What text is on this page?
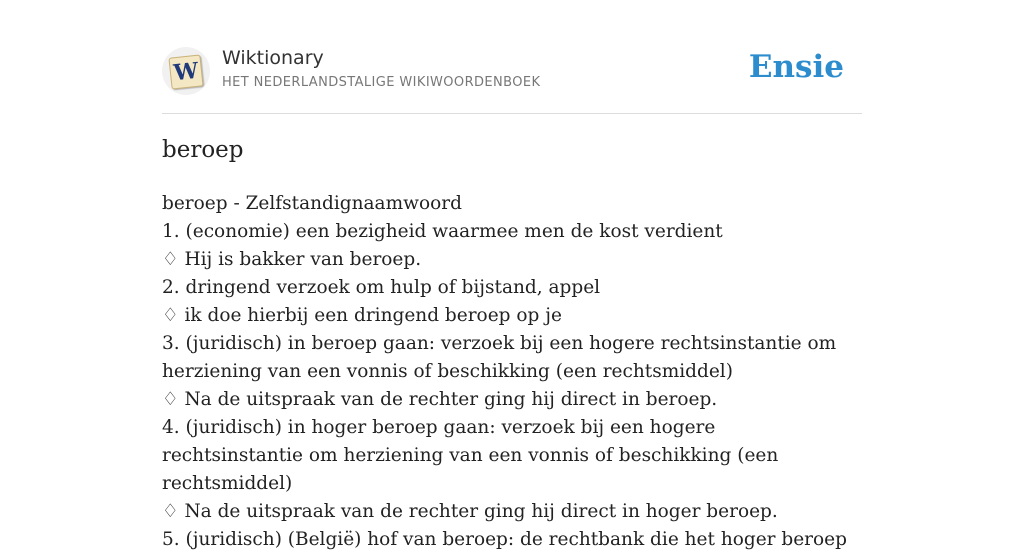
W Wiktionary
HET NEDERLANDSTALIGE WIKIWOORDENBOEK	Ensie
beroep
beroep - Zelfstandignaamwoord
1. (economie) een bezigheid waarmee men de kost verdient
♢ Hij is bakker van beroep.
2. dringend verzoek om hulp of bijstand, appel
♢ ik doe hierbij een dringend beroep op je
3. (juridisch) in beroep gaan: verzoek bij een hogere rechtsinstantie om herziening van een vonnis of beschikking (een rechtsmiddel)
♢ Na de uitspraak van de rechter ging hij direct in beroep.
4. (juridisch) in hoger beroep gaan: verzoek bij een hogere rechtsinstantie om herziening van een vonnis of beschikking (een rechtsmiddel)
♢ Na de uitspraak van de rechter ging hij direct in hoger beroep.
5. (juridisch) (België) hof van beroep: de rechtbank die het hoger beroep
